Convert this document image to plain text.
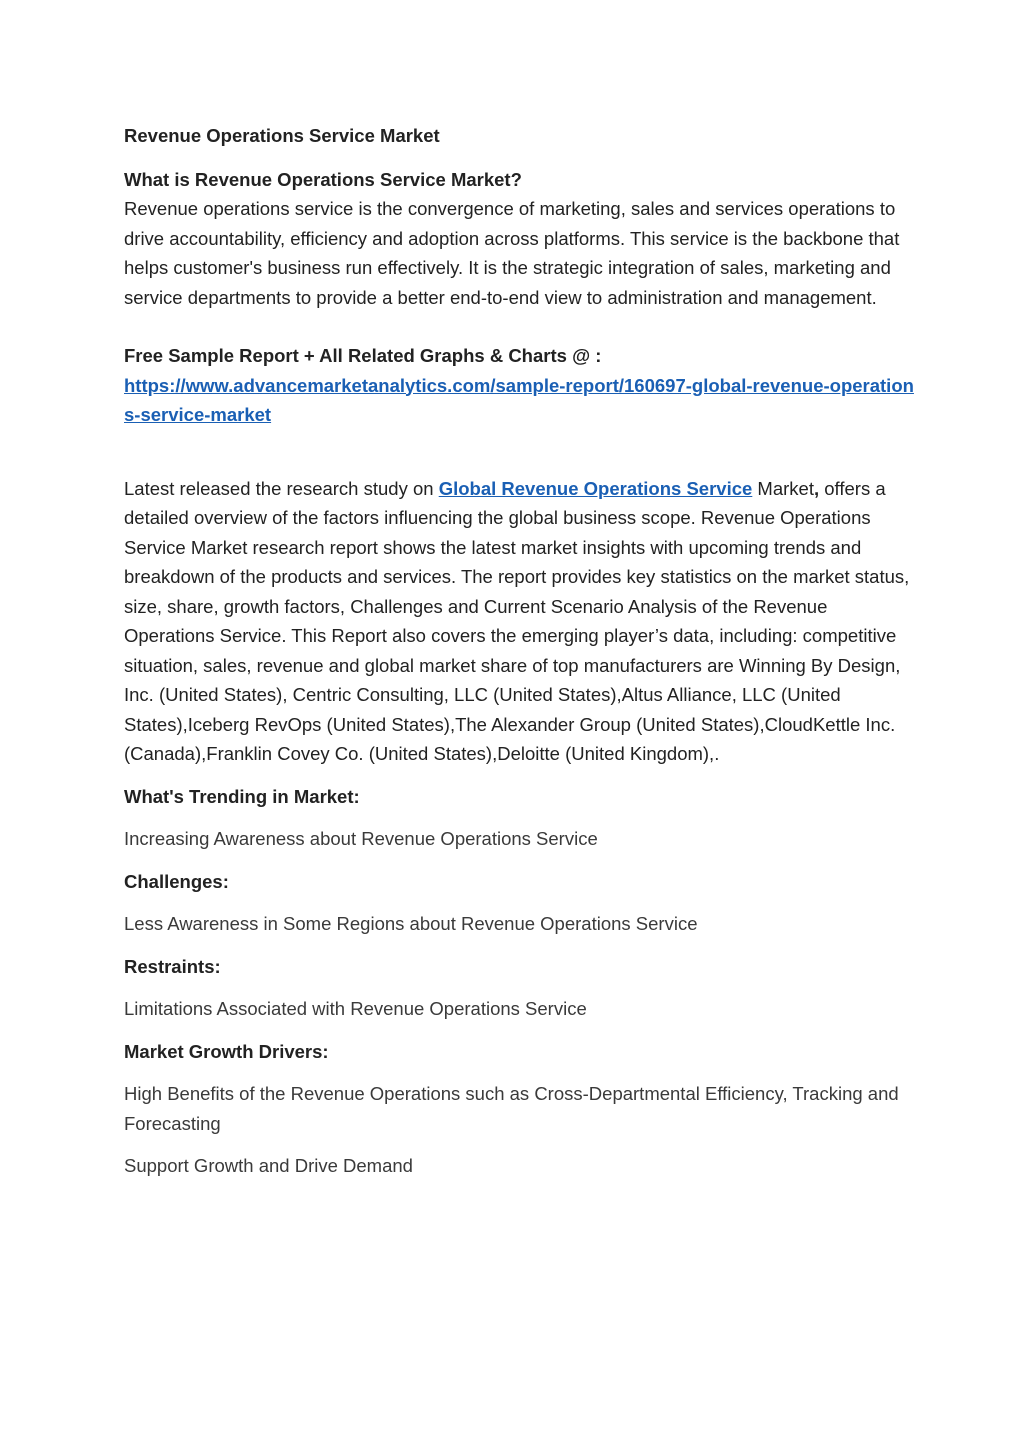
Revenue Operations Service Market

What is Revenue Operations Service Market?

Revenue operations service is the convergence of marketing, sales and services operations to drive accountability, efficiency and adoption across platforms. This service is the backbone that helps customer's business run effectively. It is the strategic integration of sales, marketing and service departments to provide a better end-to-end view to administration and management.

Free Sample Report + All Related Graphs & Charts @ :

https://www.advancemarketanalytics.com/sample-report/160697-global-revenue-operations-service-market

Latest released the research study on Global Revenue Operations Service Market, offers a detailed overview of the factors influencing the global business scope. Revenue Operations Service Market research report shows the latest market insights with upcoming trends and breakdown of the products and services. The report provides key statistics on the market status, size, share, growth factors, Challenges and Current Scenario Analysis of the Revenue Operations Service. This Report also covers the emerging player’s data, including: competitive situation, sales, revenue and global market share of top manufacturers are Winning By Design, Inc. (United States), Centric Consulting, LLC (United States),Altus Alliance, LLC (United States),Iceberg RevOps (United States),The Alexander Group (United States),CloudKettle Inc. (Canada),Franklin Covey Co. (United States),Deloitte (United Kingdom),.

What's Trending in Market:

Increasing Awareness about Revenue Operations Service

Challenges:

Less Awareness in Some Regions about Revenue Operations Service

Restraints:

Limitations Associated with Revenue Operations Service

Market Growth Drivers:

High Benefits of the Revenue Operations such as Cross-Departmental Efficiency, Tracking and Forecasting

Support Growth and Drive Demand
